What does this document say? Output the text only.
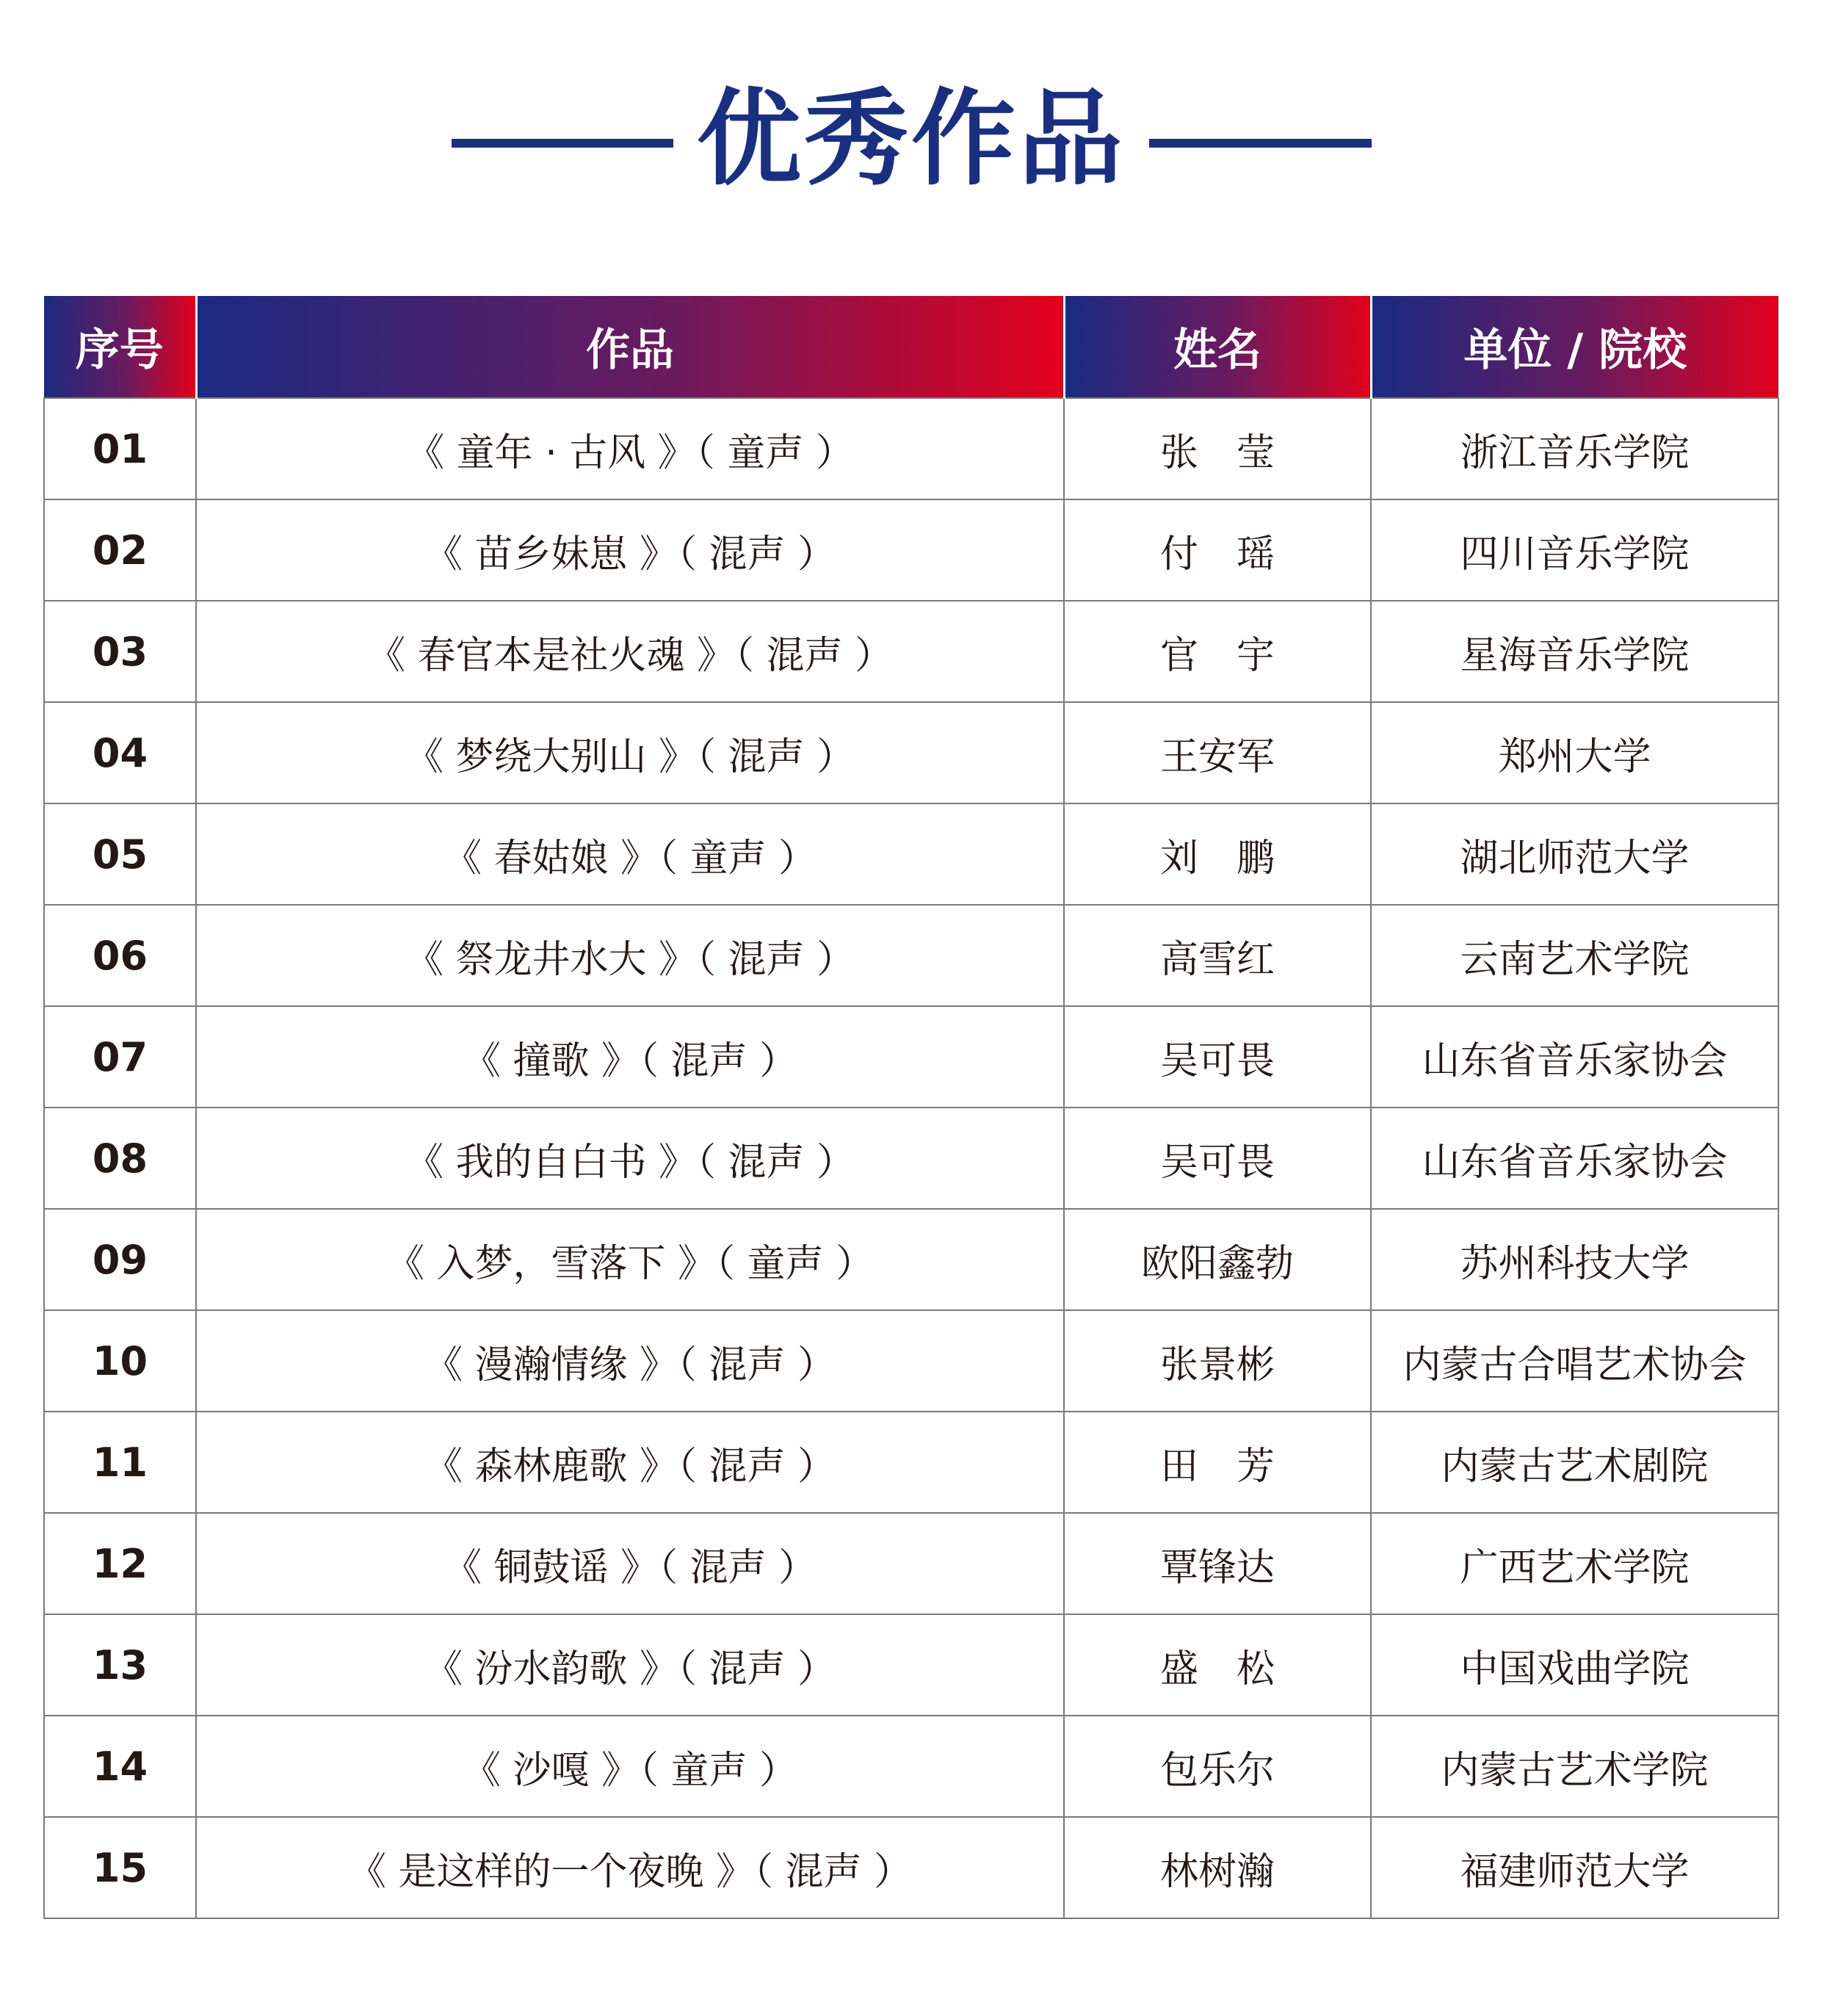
优秀作品
序号	作品	姓名	单位 / 院校
01	《 童年 · 古风 》（ 童声 ）	张　莹	浙江音乐学院
02	《 苗乡妹崽 》（ 混声 ）	付　瑶	四川音乐学院
03	《 春官本是社火魂 》（ 混声 ）	官　宇	星海音乐学院
04	《 梦绕大别山 》（ 混声 ）	王安军	郑州大学
05	《 春姑娘 》（ 童声 ）	刘　鹏	湖北师范大学
06	《 祭龙井水大 》（ 混声 ）	高雪红	云南艺术学院
07	《 撞歌 》（ 混声 ）	吴可畏	山东省音乐家协会
08	《 我的自白书 》（ 混声 ）	吴可畏	山东省音乐家协会
09	《 入梦，雪落下 》（ 童声 ）	欧阳鑫勃	苏州科技大学
10	《 漫瀚情缘 》（ 混声 ）	张景彬	内蒙古合唱艺术协会
11	《 森林鹿歌 》（ 混声 ）	田　芳	内蒙古艺术剧院
12	《 铜鼓谣 》（ 混声 ）	覃锋达	广西艺术学院
13	《 汾水韵歌 》（ 混声 ）	盛　松	中国戏曲学院
14	《 沙嘎 》（ 童声 ）	包乐尔	内蒙古艺术学院
15	《 是这样的一个夜晚 》（ 混声 ）	林树瀚	福建师范大学
